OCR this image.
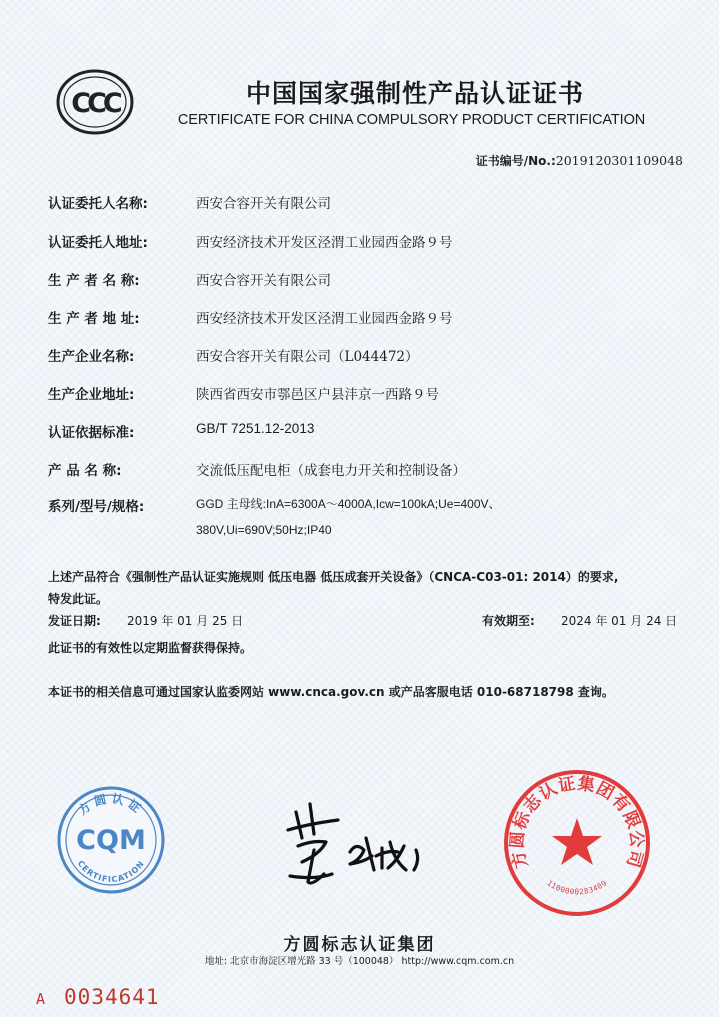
CCC	中国国家强制性产品认证证书
CERTIFICATE FOR CHINA COMPULSORY PRODUCT CERTIFICATION
证书编号/No.:2019120301109048
认证委托人名称:	西安合容开关有限公司
认证委托人地址:	西安经济技术开发区泾渭工业园西金路９号
生 产 者 名 称:	西安合容开关有限公司
生 产 者 地 址:	西安经济技术开发区泾渭工业园西金路９号
生产企业名称:	西安合容开关有限公司（L044472）
生产企业地址:	陕西省西安市鄠邑区户县沣京一西路９号
认证依据标准:	GB/T 7251.12-2013
产 品 名 称:	交流低压配电柜（成套电力开关和控制设备）
系列/型号/规格:	GGD 主母线:InA=6300A～4000A,Icw=100kA;Ue=400V、
380V,Ui=690V;50Hz;IP40
上述产品符合《强制性产品认证实施规则 低压电器 低压成套开关设备》（CNCA-C03-01: 2014）的要求,
特发此证。
发证日期: 2019 年 01 月 25 日	有效期至: 2024 年 01 月 24 日
此证书的有效性以定期监督获得保持。
本证书的相关信息可通过国家认监委网站 www.cnca.gov.cn 或产品客服电话 010-68718798 查询。
方圆认证
CQM
CERTIFICATION	方圆标志认证集团有限公司
1100000283409
方圆标志认证集团
地址: 北京市海淀区增光路 33 号（100048） http://www.cqm.com.cn
A 0034641
